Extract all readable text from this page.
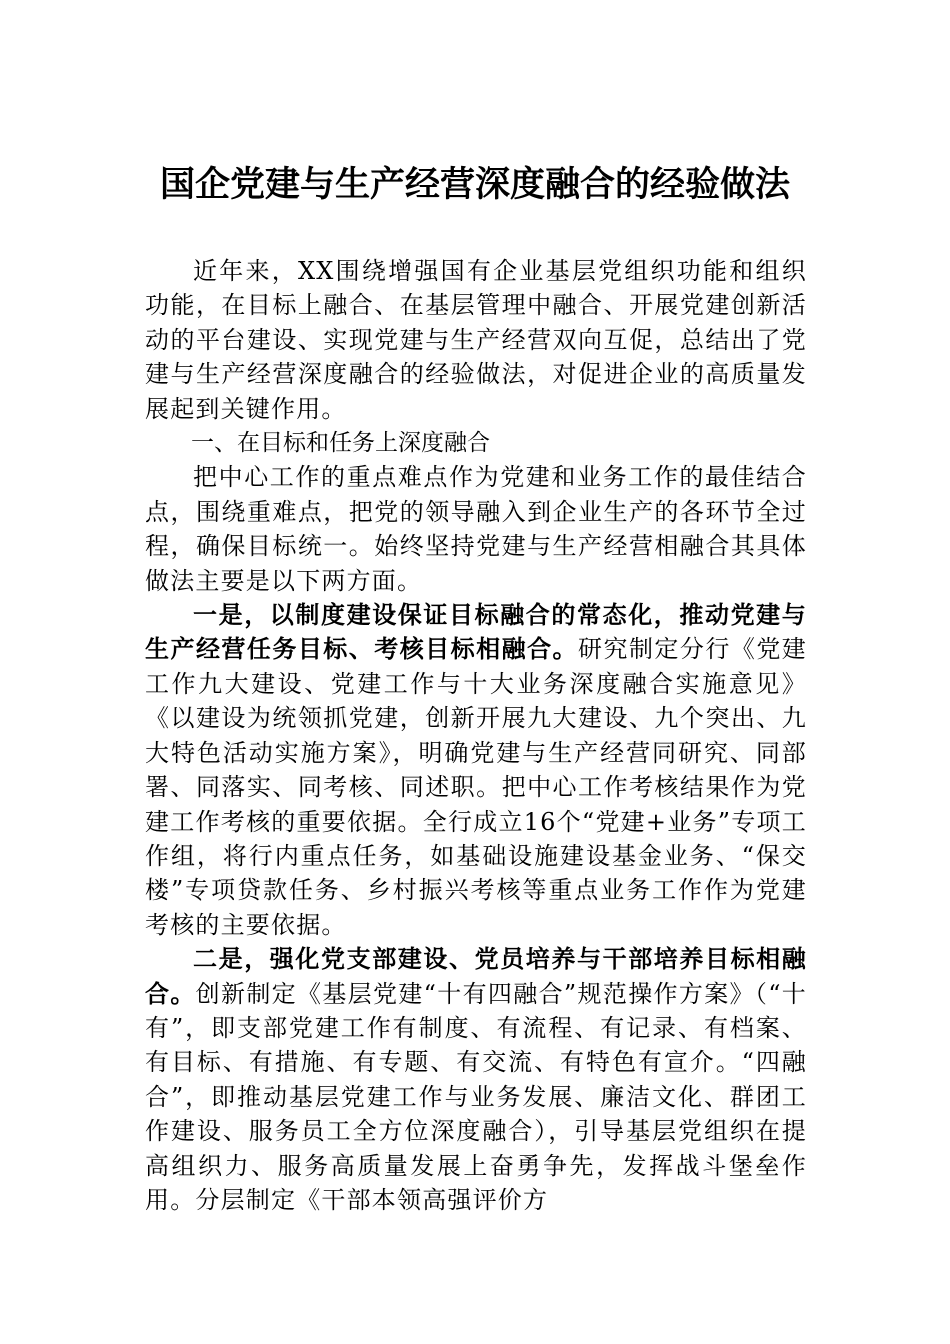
国企党建与生产经营深度融合的经验做法

近年来，XX围绕增强国有企业基层党组织功能和组织功能，在目标上融合、在基层管理中融合、开展党建创新活动的平台建设、实现党建与生产经营双向互促，总结出了党建与生产经营深度融合的经验做法，对促进企业的高质量发展起到关键作用。

一、在目标和任务上深度融合

把中心工作的重点难点作为党建和业务工作的最佳结合点，围绕重难点，把党的领导融入到企业生产的各环节全过程，确保目标统一。始终坚持党建与生产经营相融合其具体做法主要是以下两方面。

一是，以制度建设保证目标融合的常态化，推动党建与生产经营任务目标、考核目标相融合。研究制定分行《党建工作九大建设、党建工作与十大业务深度融合实施意见》《以建设为统领抓党建，创新开展九大建设、九个突出、九大特色活动实施方案》，明确党建与生产经营同研究、同部署、同落实、同考核、同述职。把中心工作考核结果作为党建工作考核的重要依据。全行成立16个“党建+业务”专项工作组，将行内重点任务，如基础设施建设基金业务、“保交楼”专项贷款任务、乡村振兴考核等重点业务工作作为党建考核的主要依据。

二是，强化党支部建设、党员培养与干部培养目标相融合。创新制定《基层党建“十有四融合”规范操作方案》（“十有”，即支部党建工作有制度、有流程、有记录、有档案、有目标、有措施、有专题、有交流、有特色有宣介。“四融合”，即推动基层党建工作与业务发展、廉洁文化、群团工作建设、服务员工全方位深度融合），引导基层党组织在提高组织力、服务高质量发展上奋勇争先，发挥战斗堡垒作用。分层制定《干部本领高强评价方
